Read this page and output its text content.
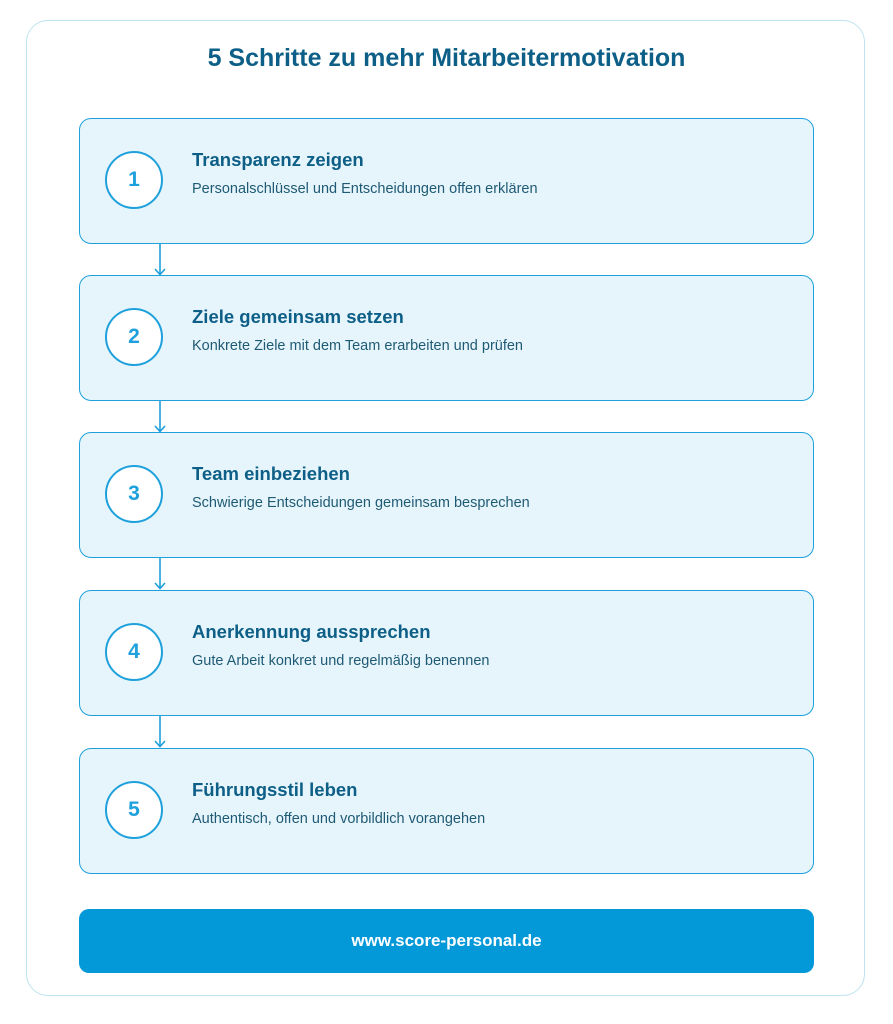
5 Schritte zu mehr Mitarbeitermotivation
1
Transparenz zeigen
Personalschlüssel und Entscheidungen offen erklären
2
Ziele gemeinsam setzen
Konkrete Ziele mit dem Team erarbeiten und prüfen
3
Team einbeziehen
Schwierige Entscheidungen gemeinsam besprechen
4
Anerkennung aussprechen
Gute Arbeit konkret und regelmäßig benennen
5
Führungsstil leben
Authentisch, offen und vorbildlich vorangehen
www.score-personal.de
